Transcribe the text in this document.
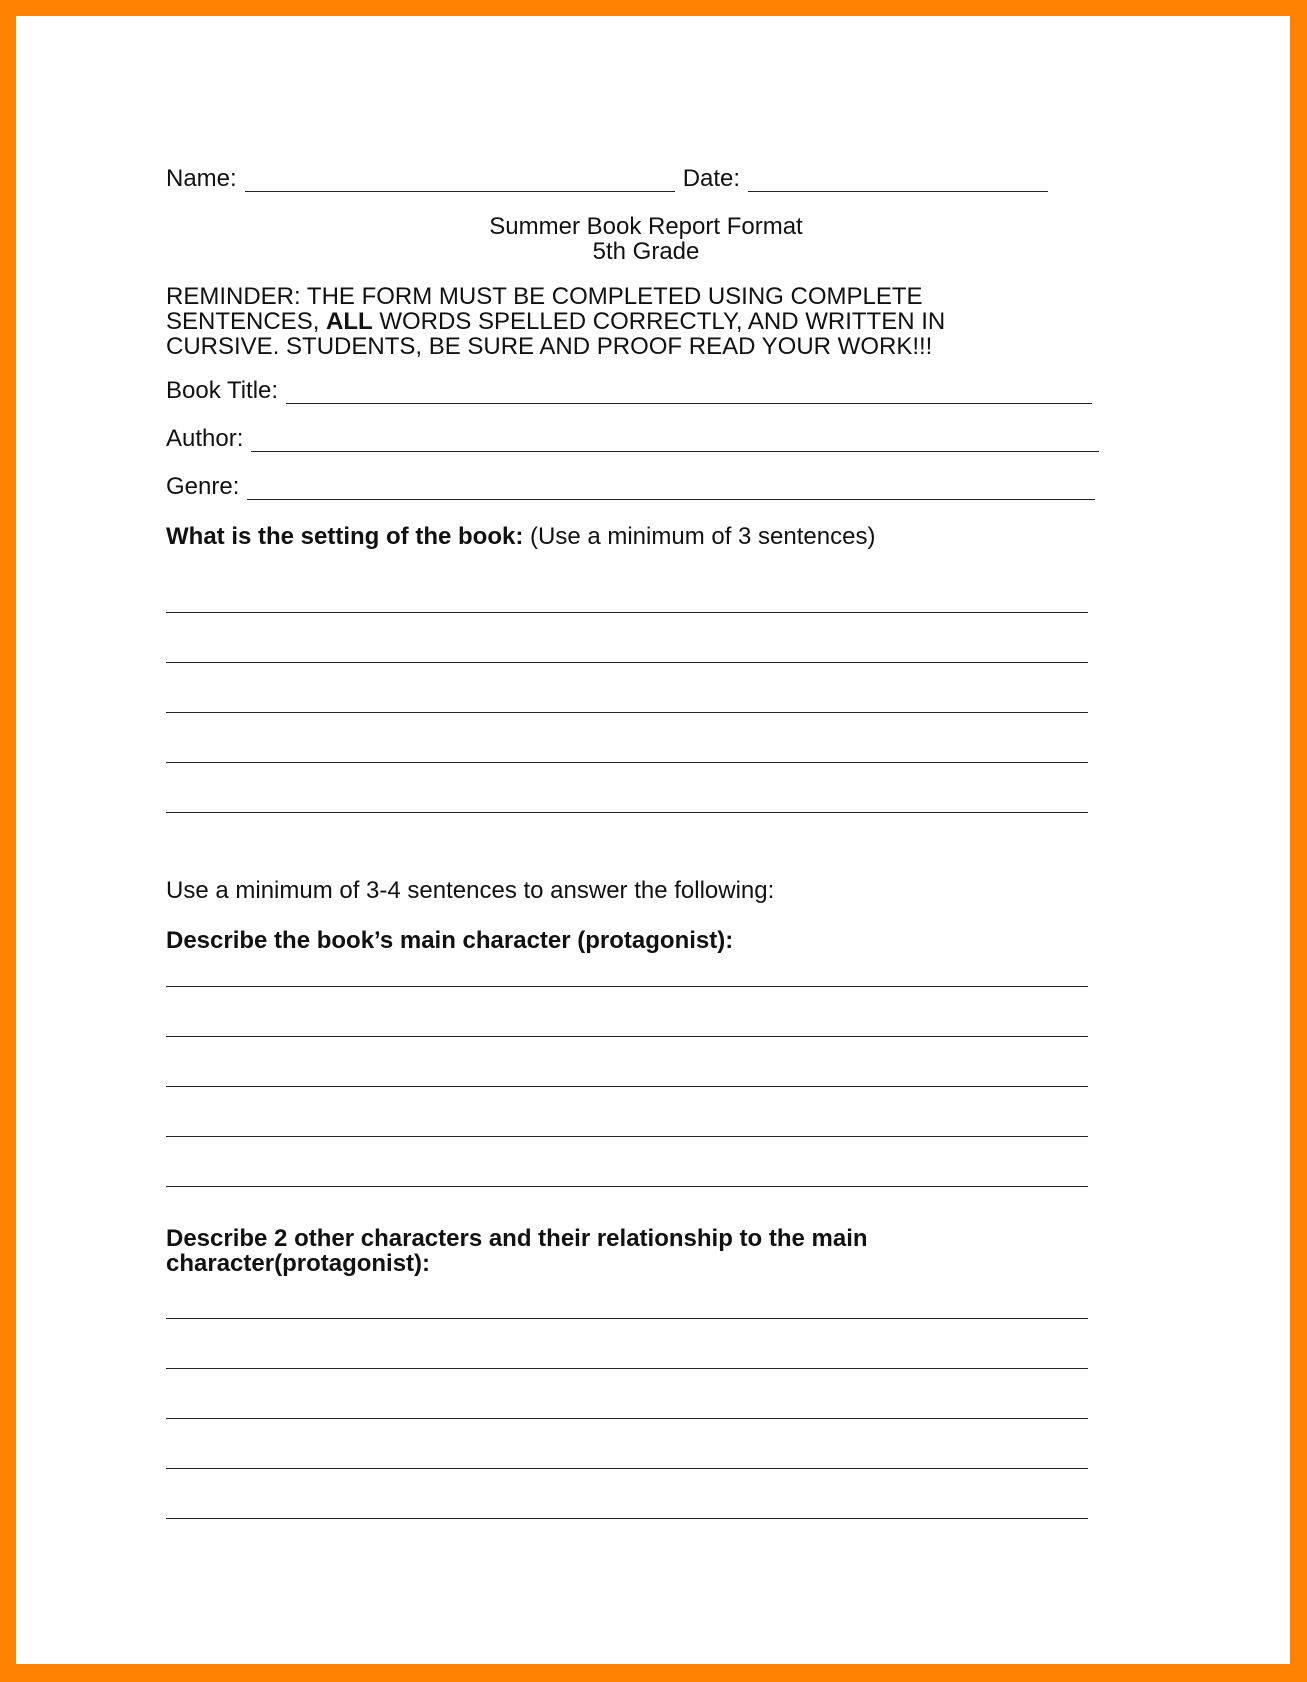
Name:	Date:
Summer Book Report Format
5th Grade
REMINDER: THE FORM MUST BE COMPLETED USING COMPLETE
SENTENCES, ALL WORDS SPELLED CORRECTLY, AND WRITTEN IN
CURSIVE. STUDENTS, BE SURE AND PROOF READ YOUR WORK!!!
Book Title:
Author:
Genre:
What is the setting of the book: (Use a minimum of 3 sentences)
Use a minimum of 3-4 sentences to answer the following:
Describe the book’s main character (protagonist):
Describe 2 other characters and their relationship to the main
character(protagonist):
